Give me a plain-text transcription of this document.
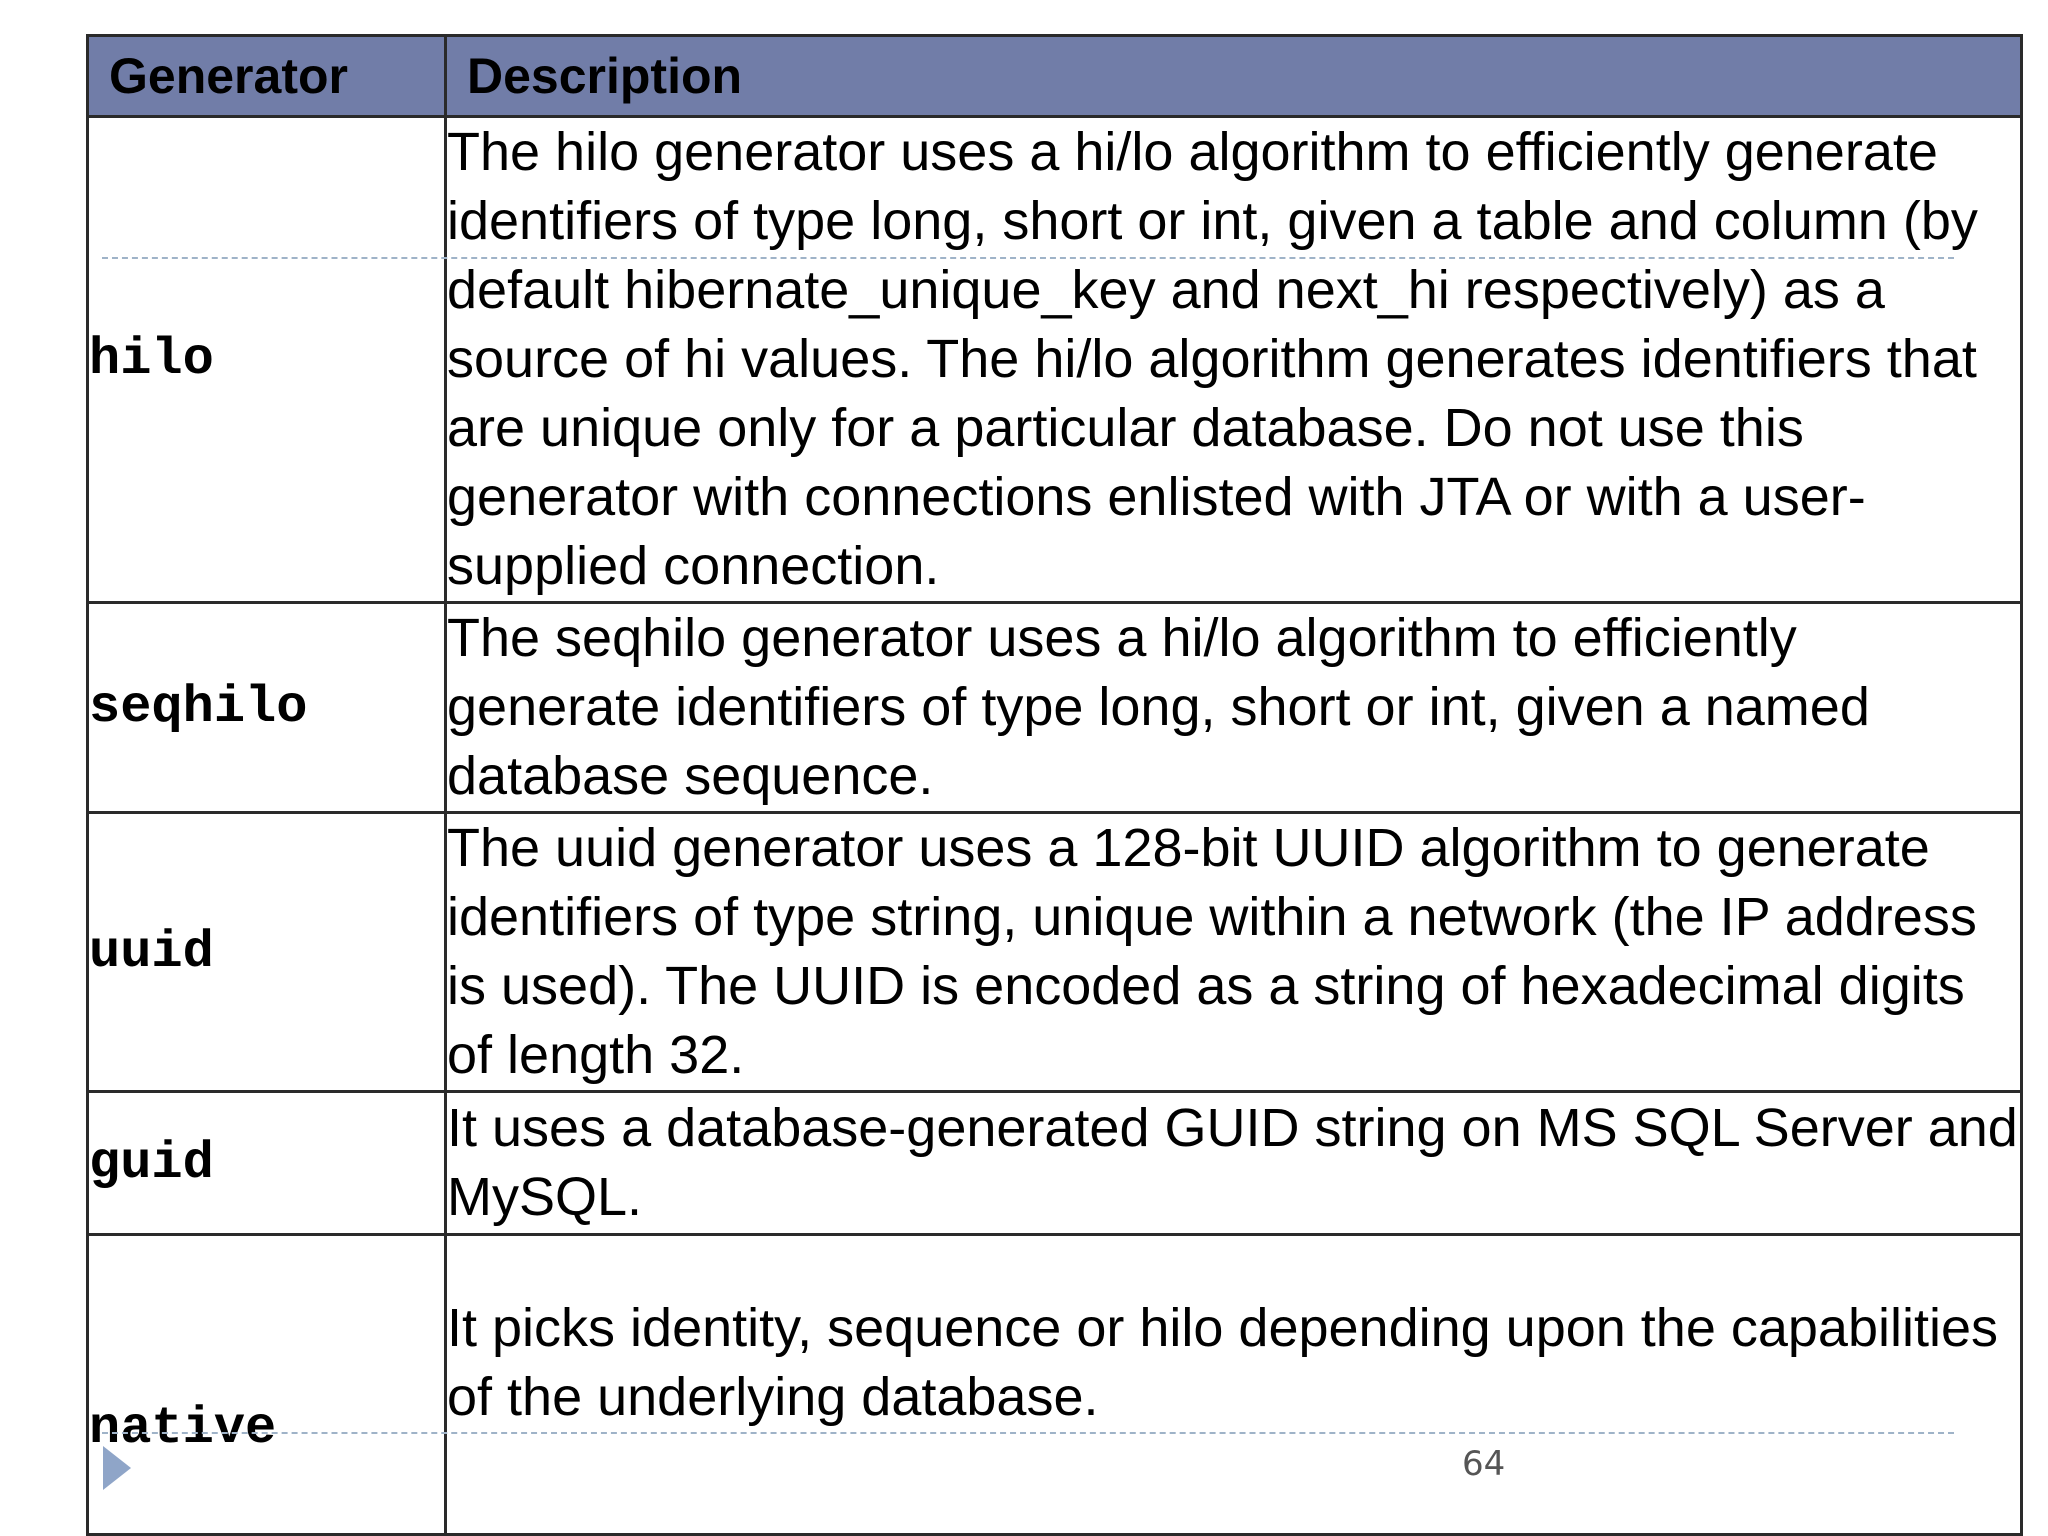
Generator	Description
hilo	The hilo generator uses a hi/lo algorithm to efficiently generate identifiers of type long, short or int, given a table and column (by default hibernate_unique_key and next_hi respectively) as a source of hi values. The hi/lo algorithm generates identifiers that are unique only for a particular database. Do not use this generator with connections enlisted with JTA or with a user-supplied connection.
seqhilo	The seqhilo generator uses a hi/lo algorithm to efficiently generate identifiers of type long, short or int, given a named database sequence.
uuid	The uuid generator uses a 128-bit UUID algorithm to generate identifiers of type string, unique within a network (the IP address is used). The UUID is encoded as a string of hexadecimal digits of length 32.
guid	It uses a database-generated GUID string on MS SQL Server and MySQL.
native	It picks identity, sequence or hilo depending upon the capabilities of the underlying database.
64
